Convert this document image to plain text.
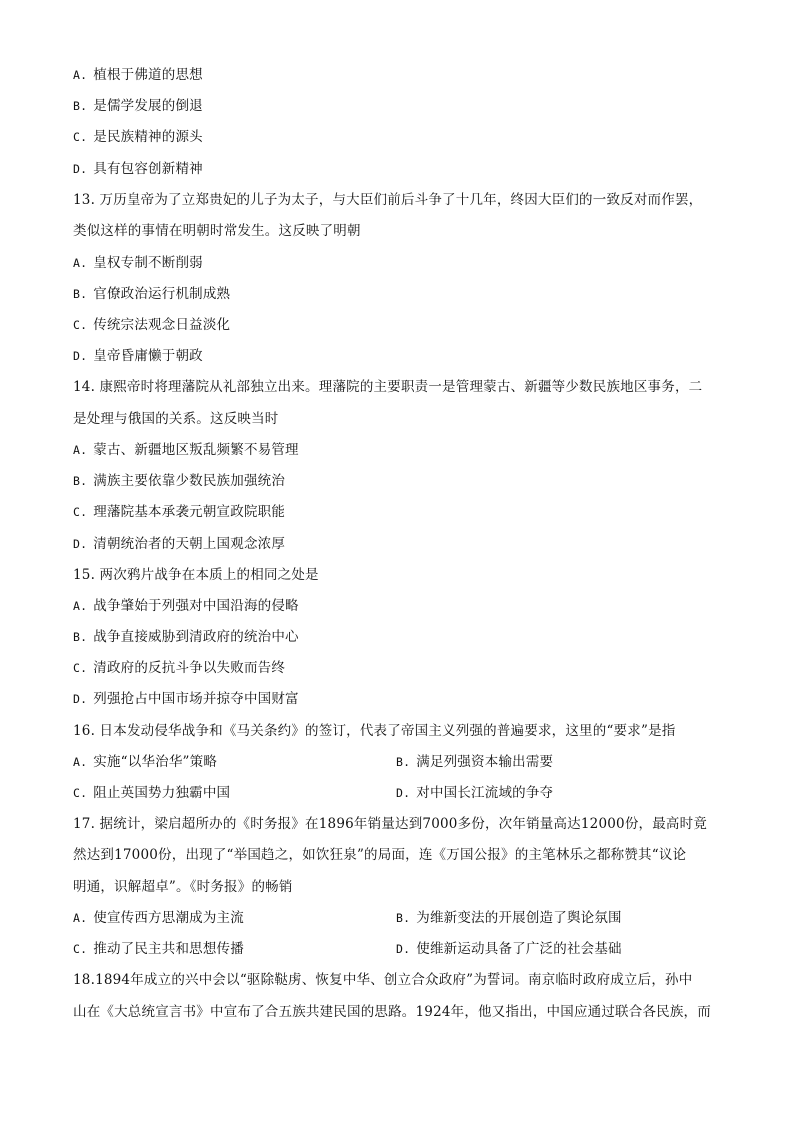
A. 植根于佛道的思想
B. 是儒学发展的倒退
C. 是民族精神的源头
D. 具有包容创新精神
13. 万历皇帝为了立郑贵妃的儿子为太子，与大臣们前后斗争了十几年，终因大臣们的一致反对而作罢，
类似这样的事情在明朝时常发生。这反映了明朝
A. 皇权专制不断削弱
B. 官僚政治运行机制成熟
C. 传统宗法观念日益淡化
D. 皇帝昏庸懒于朝政
14. 康熙帝时将理藩院从礼部独立出来。理藩院的主要职责一是管理蒙古、新疆等少数民族地区事务，二
是处理与俄国的关系。这反映当时
A. 蒙古、新疆地区叛乱频繁不易管理
B. 满族主要依靠少数民族加强统治
C. 理藩院基本承袭元朝宣政院职能
D. 清朝统治者的天朝上国观念浓厚
15. 两次鸦片战争在本质上的相同之处是
A. 战争肇始于列强对中国沿海的侵略
B. 战争直接威胁到清政府的统治中心
C. 清政府的反抗斗争以失败而告终
D. 列强抢占中国市场并掠夺中国财富
16. 日本发动侵华战争和《马关条约》的签订，代表了帝国主义列强的普遍要求，这里的“要求”是指
A. 实施“以华治华”策略	B. 满足列强资本输出需要
C. 阻止英国势力独霸中国	D. 对中国长江流域的争夺
17. 据统计，梁启超所办的《时务报》在1896年销量达到7000多份，次年销量高达12000份，最高时竟
然达到17000份，出现了“举国趋之，如饮狂泉”的局面，连《万国公报》的主笔林乐之都称赞其“议论
明通，识解超卓”。《时务报》的畅销
A. 使宣传西方思潮成为主流	B. 为维新变法的开展创造了舆论氛围
C. 推动了民主共和思想传播	D. 使维新运动具备了广泛的社会基础
18.1894年成立的兴中会以“驱除鞑虏、恢复中华、创立合众政府”为誓词。南京临时政府成立后，孙中
山在《大总统宣言书》中宣布了合五族共建民国的思路。1924年，他又指出，中国应通过联合各民族，而
